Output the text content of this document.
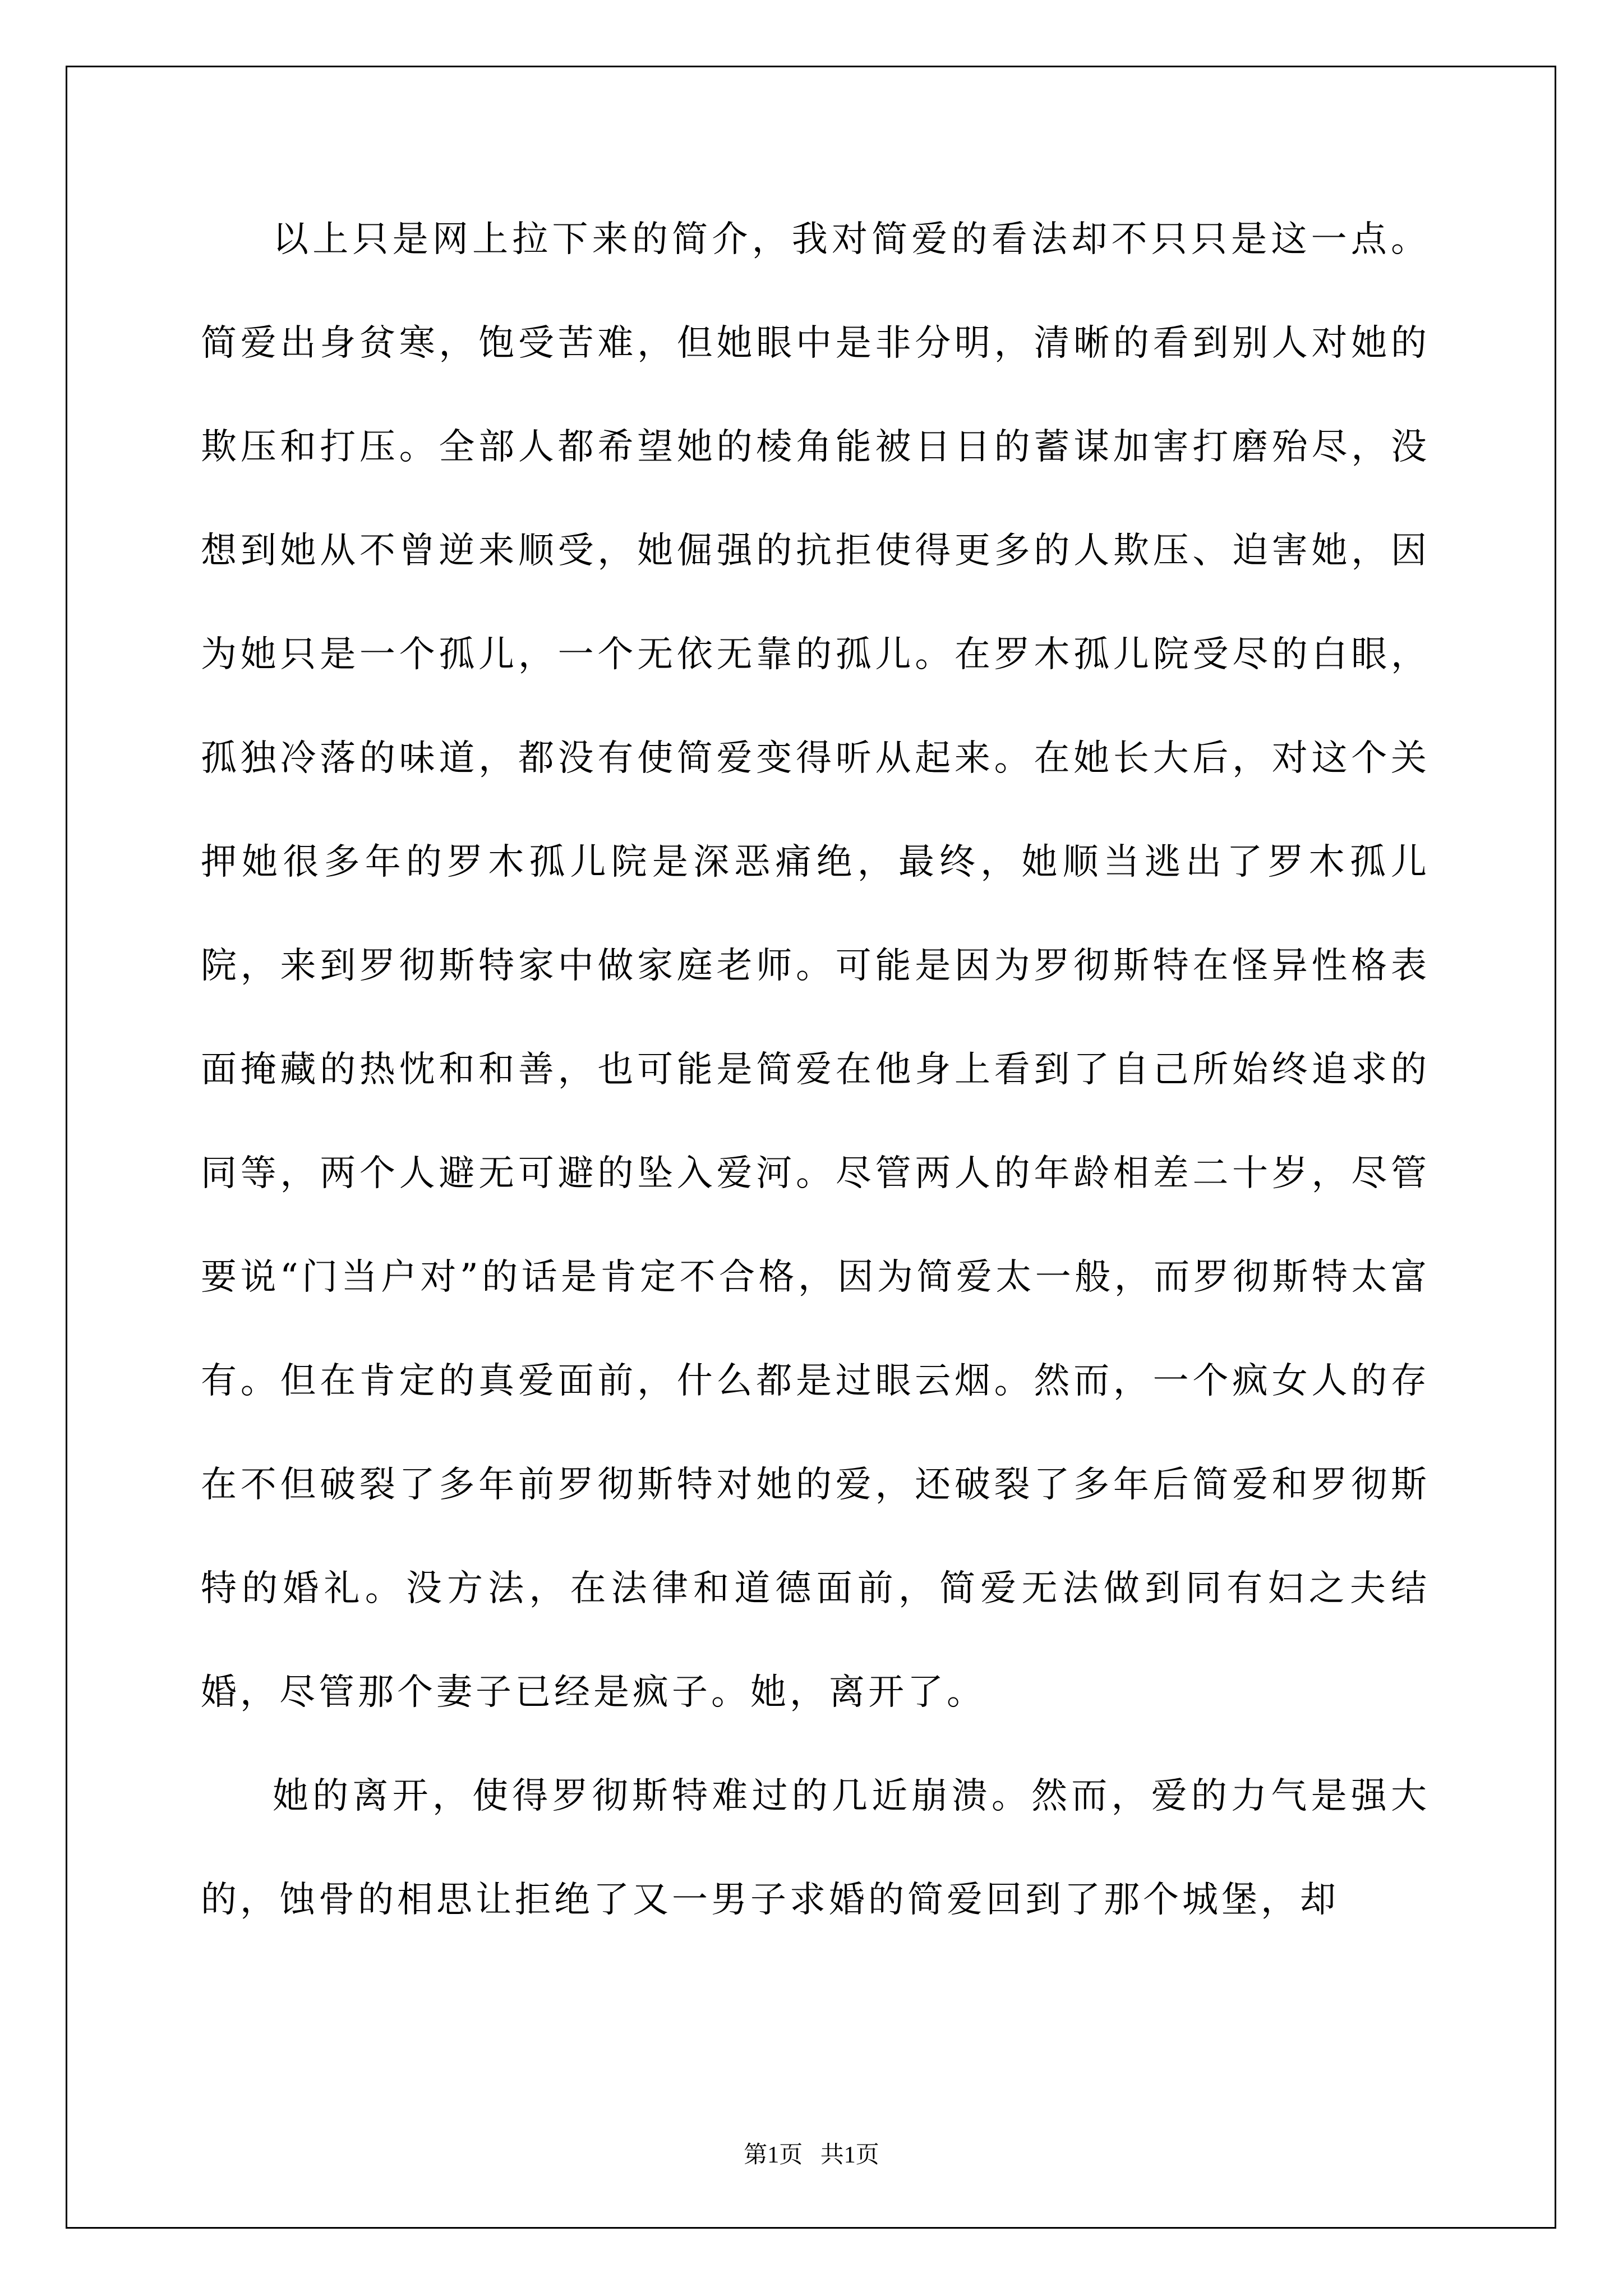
以上只是网上拉下来的简介，我对简爱的看法却不只只是这一点。简爱出身贫寒，饱受苦难，但她眼中是非分明，清晰的看到别人对她的欺压和打压。全部人都希望她的棱角能被日日的蓄谋加害打磨殆尽，没想到她从不曾逆来顺受，她倔强的抗拒使得更多的人欺压、迫害她，因为她只是一个孤儿，一个无依无靠的孤儿。在罗木孤儿院受尽的白眼，孤独冷落的味道，都没有使简爱变得听从起来。在她长大后，对这个关押她很多年的罗木孤儿院是深恶痛绝，最终，她顺当逃出了罗木孤儿院，来到罗彻斯特家中做家庭老师。可能是因为罗彻斯特在怪异性格表面掩藏的热忱和和善，也可能是简爱在他身上看到了自己所始终追求的同等，两个人避无可避的坠入爱河。尽管两人的年龄相差二十岁，尽管要说“门当户对”的话是肯定不合格，因为简爱太一般，而罗彻斯特太富有。但在肯定的真爱面前，什么都是过眼云烟。然而，一个疯女人的存在不但破裂了多年前罗彻斯特对她的爱，还破裂了多年后简爱和罗彻斯特的婚礼。没方法，在法律和道德面前，简爱无法做到同有妇之夫结婚，尽管那个妻子已经是疯子。她，离开了。

她的离开，使得罗彻斯特难过的几近崩溃。然而，爱的力气是强大的，蚀骨的相思让拒绝了又一男子求婚的简爱回到了那个城堡，却

第1页 共1页
